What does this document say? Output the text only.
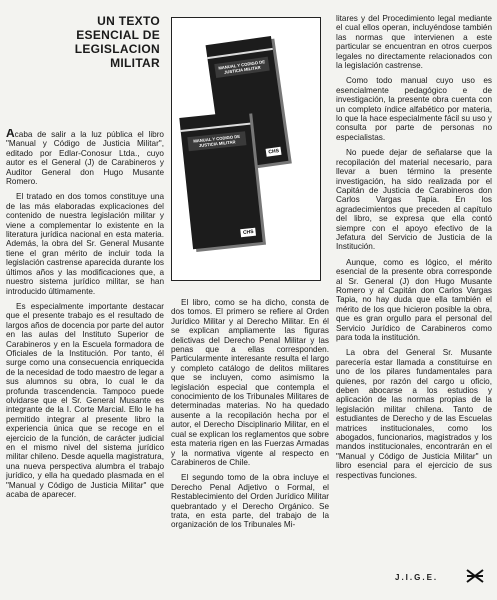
UN TEXTO
ESENCIAL DE
LEGISLACION
MILITAR	MANUAL Y CODIGO DE JUSTICIA MILITAR
CHS
MANUAL Y CODIGO DE JUSTICIA MILITAR
CHS

Acaba de salir a la luz pública el libro "Manual y Código de Justicia Militar", editado por Edlar-Conosur Ltda., cuyo autor es el General (J) de Carabineros y Auditor General don Hugo Musante Romero.

El tratado en dos tomos constituye una de las más elaboradas explicaciones del contenido de nuestra legislación militar y viene a complementar lo existente en la literatura jurídica nacional en esta materia. Además, la obra del Sr. General Musante tiene el gran mérito de incluir toda la legislación castrense aparecida durante los últimos años y las modificaciones que, a nuestro sistema jurídico militar, se han introducido últimamente.

Es especialmente importante destacar que el presente trabajo es el resultado de largos años de docencia por parte del autor en las aulas del Instituto Superior de Carabineros y en la Escuela formadora de Oficiales de la Institución. Por tanto, él surge como una consecuencia enriquecida de la necesidad de todo maestro de legar a sus alumnos su obra, lo cual le da profunda trascendencia. Tampoco puede olvidarse que el Sr. General Musante es integrante de la I. Corte Marcial. Ello le ha permitido integrar al presente libro la experiencia única que se recoge en el ejercicio de la función, de carácter judicial en el mismo nivel del sistema jurídico militar chileno. Desde aquella magistratura, una nueva perspectiva alumbra el trabajo jurídico, y ella ha quedado plasmada en el "Manual y Código de Justicia Militar" que acaba de aparecer.

El libro, como se ha dicho, consta de dos tomos. El primero se refiere al Orden Jurídico Militar y al Derecho Militar. En él se explican ampliamente las figuras delictivas del Derecho Penal Militar y las penas que a ellas corresponden. Particularmente interesante resulta el largo y completo catálogo de delitos militares que se incluyen, como asimismo la legislación especial que contempla el conocimiento de los Tribunales Militares de determinadas materias. No ha quedado ausente a la recopilación hecha por el autor, el Derecho Disciplinario Militar, en el cual se explican los reglamentos que sobre esta materia rigen en las Fuerzas Armadas y la normativa vigente al respecto en Carabineros de Chile.

El segundo tomo de la obra incluye el Derecho Penal Adjetivo o Formal, el Restablecimiento del Orden Jurídico Militar quebrantado y el Derecho Orgánico. Se trata, en esta parte, del trabajo de la organización de los Tribunales Mi-

litares y del Procedimiento legal mediante el cual ellos operan, incluyéndose también las normas que intervienen a este particular se encuentran en otros cuerpos legales no directamente relacionados con la legislación castrense.

Como todo manual cuyo uso es esencialmente pedagógico e de investigación, la presente obra cuenta con un completo índice alfabético por materia, lo que la hace especialmente fácil su uso y consulta por parte de personas no especialistas.

No puede dejar de señalarse que la recopilación del material necesario, para llevar a buen término la presente investigación, ha sido realizada por el Capitán de Justicia de Carabineros don Carlos Vargas Tapia. En los agradecimientos que preceden al capítulo del libro, se expresa que ella contó siempre con el apoyo efectivo de la Jefatura del Servicio de Justicia de la Institución.

Aunque, como es lógico, el mérito esencial de la presente obra corresponde al Sr. General (J) don Hugo Musante Romero y al Capitán don Carlos Vargas Tapia, no hay duda que ella también el mérito de los que hicieron posible la obra, que es gran orgullo para el personal del Servicio Jurídico de Carabineros como para toda la institución.

La obra del General Sr. Musante parecería estar llamada a constituirse en uno de los pilares fundamentales para quienes, por razón del cargo u oficio, deben abocarse a los estudios y aplicación de las normas propias de la legislación militar chilena. Tanto de estudiantes de Derecho y de las Escuelas matrices institucionales, como los abogados, funcionarios, magistrados y los mandos institucionales, encontrarán en el "Manual y Código de Justicia Militar" un libro esencial para el ejercicio de sus respectivas funciones.

J.I.G.E.
